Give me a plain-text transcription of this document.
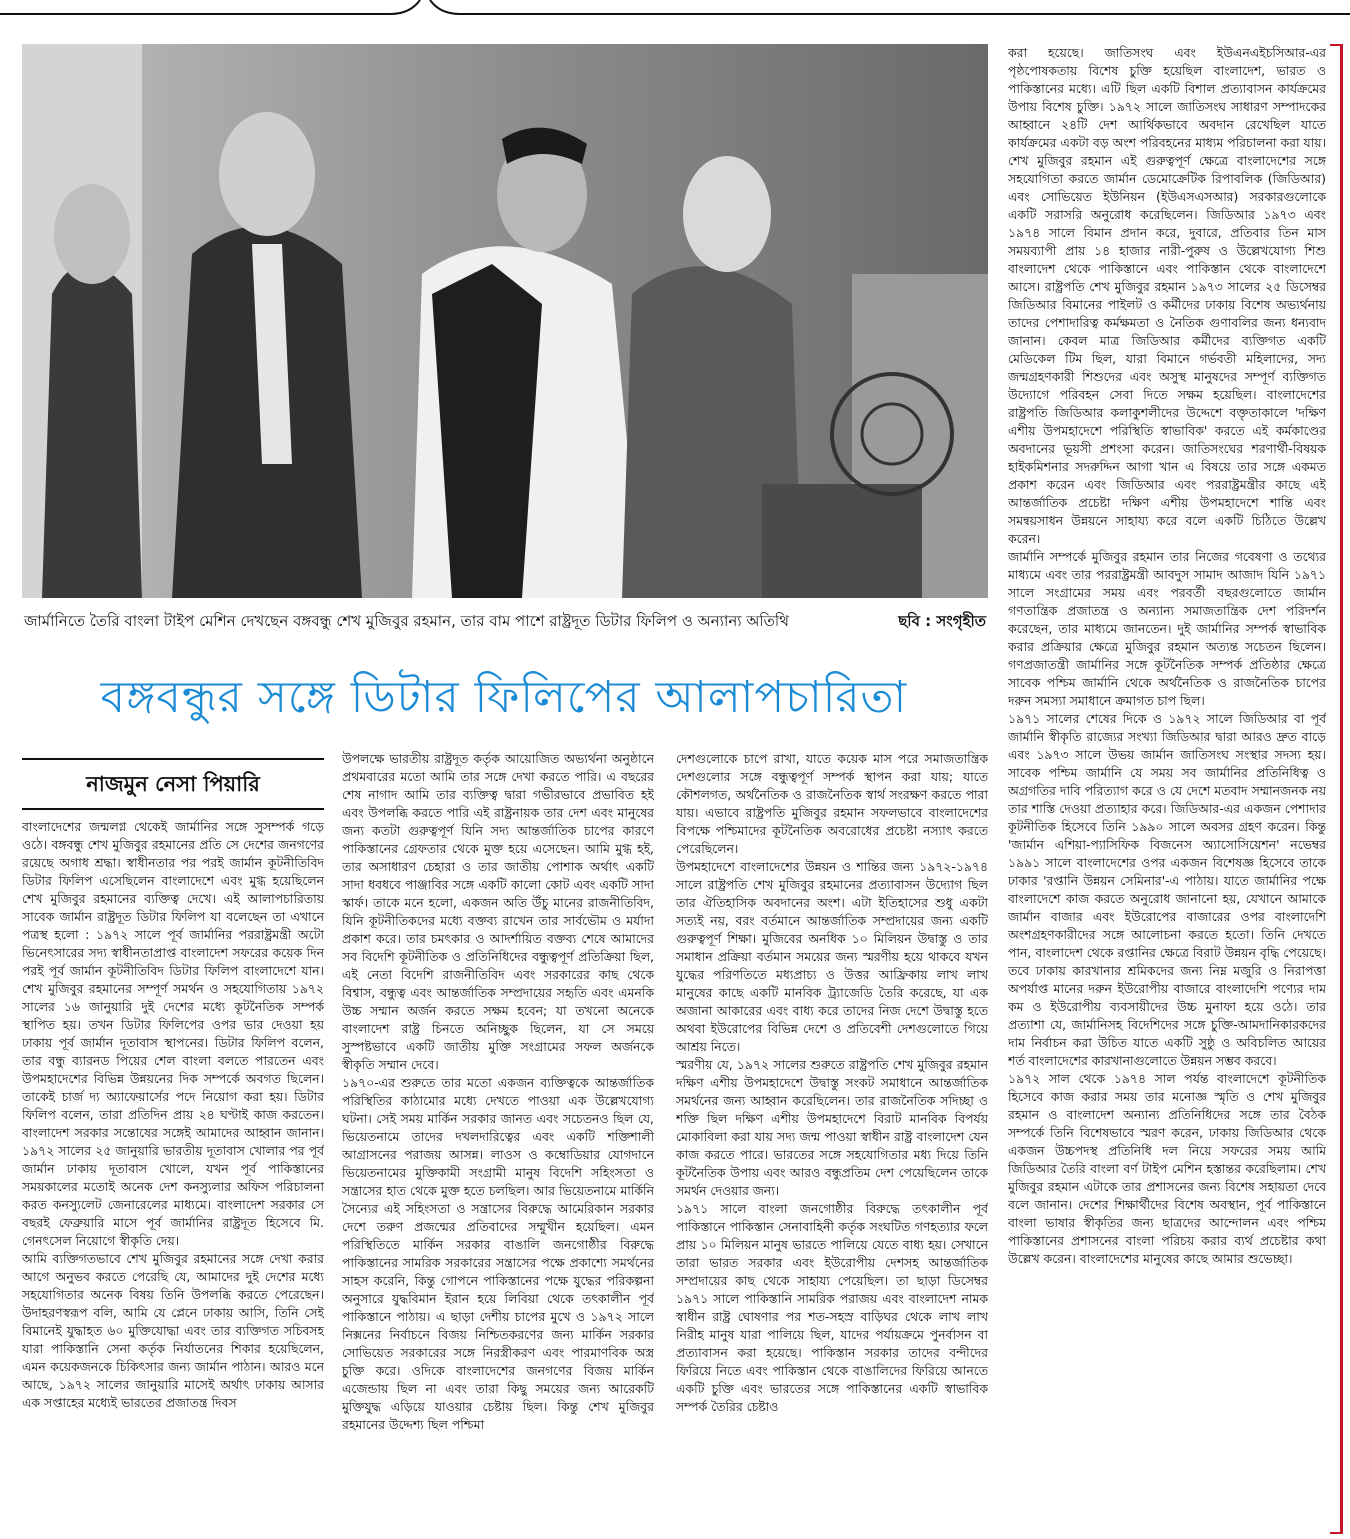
জার্মানিতে তৈরি বাংলা টাইপ মেশিন দেখছেন বঙ্গবন্ধু শেখ মুজিবুর রহমান, তার বাম পাশে রাষ্ট্রদূত ডিটার ফিলিপ ও অন্যান্য অতিথি	ছবি : সংগৃহীত
বঙ্গবন্ধুর সঙ্গে ডিটার ফিলিপের আলাপচারিতা
নাজমুন নেসা পিয়ারি

বাংলাদেশের জন্মলগ্ন থেকেই জার্মানির সঙ্গে সুসম্পর্ক গড়ে ওঠে। বঙ্গবন্ধু শেখ মুজিবুর রহমানের প্রতি সে দেশের জনগণের রয়েছে অগাধ শ্রদ্ধা। স্বাধীনতার পর পরই জার্মান কূটনীতিবিদ ডিটার ফিলিপ এসেছিলেন বাংলাদেশে এবং মুগ্ধ হয়েছিলেন শেখ মুজিবুর রহমানের ব্যক্তিত্ব দেখে। এই আলাপচারিতায় সাবেক জার্মান রাষ্ট্রদূত ডিটার ফিলিপ যা বলেছেন তা এখানে পত্রস্থ হলো : ১৯৭২ সালে পূর্ব জার্মানির পররাষ্ট্রমন্ত্রী অটো ভিনেৎসারের সদ্য স্বাধীনতাপ্রাপ্ত বাংলাদেশ সফরের কয়েক দিন পরই পূর্ব জার্মান কূটনীতিবিদ ডিটার ফিলিপ বাংলাদেশে যান। শেখ মুজিবুর রহমানের সম্পূর্ণ সমর্থন ও সহযোগিতায় ১৯৭২ সালের ১৬ জানুয়ারি দুই দেশের মধ্যে কূটনৈতিক সম্পর্ক স্থাপিত হয়। তখন ডিটার ফিলিপের ওপর ভার দেওয়া হয় ঢাকায় পূর্ব জার্মান দূতাবাস স্থাপনের। ডিটার ফিলিপ বলেন, তার বন্ধু ব্যারনড পিয়ের শেল বাংলা বলতে পারতেন এবং উপমহাদেশের বিভিন্ন উন্নয়নের দিক সম্পর্কে অবগত ছিলেন। তাকেই চার্জ দ্য অ্যাফেয়ার্সের পদে নিয়োগ করা হয়। ডিটার ফিলিপ বলেন, তারা প্রতিদিন প্রায় ২৪ ঘণ্টাই কাজ করতেন। বাংলাদেশ সরকার সন্তোষের সঙ্গেই আমাদের আহ্বান জানান। ১৯৭২ সালের ২৫ জানুয়ারি ভারতীয় দূতাবাস খোলার পর পূর্ব জার্মান ঢাকায় দূতাবাস খোলে, যখন পূর্ব পাকিস্তানের সময়কালের মতোই অনেক দেশ কনস্যুলার অফিস পরিচালনা করত কনস্যুলেট জেনারেলের মাধ্যমে। বাংলাদেশ সরকার সে বছরই ফেব্রুয়ারি মাসে পূর্ব জার্মানির রাষ্ট্রদূত হিসেবে মি. গেনৎসেল নিয়োগে স্বীকৃতি দেয়।

আমি ব্যক্তিগতভাবে শেখ মুজিবুর রহমানের সঙ্গে দেখা করার আগে অনুভব করতে পেরেছি যে, আমাদের দুই দেশের মধ্যে সহযোগিতার অনেক বিষয় তিনি উপলব্ধি করতে পেরেছেন। উদাহরণস্বরূপ বলি, আমি যে প্লেনে ঢাকায় আসি, তিনি সেই বিমানেই যুদ্ধাহত ৬০ মুক্তিযোদ্ধা এবং তার ব্যক্তিগত সচিবসহ যারা পাকিস্তানি সেনা কর্তৃক নির্যাতনের শিকার হয়েছিলেন, এমন কয়েকজনকে চিকিৎসার জন্য জার্মান পাঠান। আরও মনে আছে, ১৯৭২ সালের জানুয়ারি মাসেই অর্থাৎ ঢাকায় আসার এক সপ্তাহের মধ্যেই ভারতের প্রজাতন্ত্র দিবস

উপলক্ষে ভারতীয় রাষ্ট্রদূত কর্তৃক আয়োজিত অভ্যর্থনা অনুষ্ঠানে প্রথমবারের মতো আমি তার সঙ্গে দেখা করতে পারি। এ বছরের শেষ নাগাদ আমি তার ব্যক্তিত্ব দ্বারা গভীরভাবে প্রভাবিত হই এবং উপলব্ধি করতে পারি এই রাষ্ট্রনায়ক তার দেশ এবং মানুষের জন্য কতটা গুরুত্বপূর্ণ যিনি সদ্য আন্তর্জাতিক চাপের কারণে পাকিস্তানের গ্রেফতার থেকে মুক্ত হয়ে এসেছেন। আমি মুগ্ধ হই, তার অসাধারণ চেহারা ও তার জাতীয় পোশাক অর্থাৎ একটি সাদা ধবধবে পাঞ্জাবির সঙ্গে একটি কালো কোট এবং একটি সাদা স্কার্ফ। তাকে মনে হলো, একজন অতি উঁচু মানের রাজনীতিবিদ, যিনি কূটনীতিকদের মধ্যে বক্তব্য রাখেন তার সার্বভৌম ও মর্যাদা প্রকাশ করে। তার চমৎকার ও আদর্শায়িত বক্তব্য শেষে আমাদের সব বিদেশি কূটনীতিক ও প্রতিনিধিদের বন্ধুত্বপূর্ণ প্রতিক্রিয়া ছিল, এই নেতা বিদেশি রাজনীতিবিদ এবং সরকারের কাছ থেকে বিশ্বাস, বন্ধুত্ব এবং আন্তর্জাতিক সম্প্রদায়ের সহৃতি এবং এমনকি উচ্চ সম্মান অর্জন করতে সক্ষম হবেন; যা তখনো অনেকে বাংলাদেশ রাষ্ট্র চিনতে অনিচ্ছুক ছিলেন, যা সে সময়ে সুস্পষ্টভাবে একটি জাতীয় মুক্তি সংগ্রামের সফল অর্জনকে স্বীকৃতি সম্মান দেবে।

১৯৭০-এর শুরুতে তার মতো একজন ব্যক্তিত্বকে আন্তর্জাতিক পরিস্থিতির কাঠামোর মধ্যে দেখতে পাওয়া এক উল্লেখযোগ্য ঘটনা। সেই সময় মার্কিন সরকার জানত এবং সচেতনও ছিল যে, ভিয়েতনামে তাদের দখলদারিত্বের এবং একটি শক্তিশালী আগ্রাসনের পরাজয় আসন্ন। লাওস ও কম্বোডিয়ার যোগদানে ভিয়েতনামের মুক্তিকামী সংগ্রামী মানুষ বিদেশি সহিংসতা ও সন্ত্রাসের হাত থেকে মুক্ত হতে চলছিল। আর ভিয়েতনামে মার্কিনি সৈন্যের এই সহিংসতা ও সন্ত্রাসের বিরুদ্ধে আমেরিকান সরকার দেশে তরুণ প্রজন্মের প্রতিবাদের সম্মুখীন হয়েছিল। এমন পরিস্থিতিতে মার্কিন সরকার বাঙালি জনগোষ্ঠীর বিরুদ্ধে পাকিস্তানের সামরিক সরকারের সন্ত্রাসের পক্ষে প্রকাশ্যে সমর্থনের সাহস করেনি, কিন্তু গোপনে পাকিস্তানের পক্ষে যুদ্ধের পরিকল্পনা অনুসারে যুদ্ধবিমান ইরান হয়ে লিবিয়া থেকে তৎকালীন পূর্ব পাকিস্তানে পাঠায়। এ ছাড়া দেশীয় চাপের মুখে ও ১৯৭২ সালে নিক্সনের নির্বাচনে বিজয় নিশ্চিতকরণের জন্য মার্কিন সরকার সোভিয়েত সরকারের সঙ্গে নিরস্ত্রীকরণ এবং পারমাণবিক অস্ত্র চুক্তি করে। ওদিকে বাংলাদেশের জনগণের বিজয় মার্কিন এজেন্ডায় ছিল না এবং তারা কিছু সময়ের জন্য আরেকটি মুক্তিযুদ্ধ এড়িয়ে যাওয়ার চেষ্টায় ছিল। কিন্তু শেখ মুজিবুর রহমানের উদ্দেশ্য ছিল পশ্চিমা

দেশগুলোকে চাপে রাখা, যাতে কয়েক মাস পরে সমাজতান্ত্রিক দেশগুলোর সঙ্গে বন্ধুত্বপূর্ণ সম্পর্ক স্থাপন করা যায়; যাতে কৌশলগত, অর্থনৈতিক ও রাজনৈতিক স্বার্থ সংরক্ষণ করতে পারা যায়। এভাবে রাষ্ট্রপতি মুজিবুর রহমান সফলভাবে বাংলাদেশের বিপক্ষে পশ্চিমাদের কূটনৈতিক অবরোধের প্রচেষ্টা নস্যাৎ করতে পেরেছিলেন।

উপমহাদেশে বাংলাদেশের উন্নয়ন ও শান্তির জন্য ১৯৭২-১৯৭৪ সালে রাষ্ট্রপতি শেখ মুজিবুর রহমানের প্রত্যাবাসন উদ্যোগ ছিল তার ঐতিহাসিক অবদানের অংশ। এটা ইতিহাসের শুধু একটা সত্যই নয়, বরং বর্তমানে আন্তর্জাতিক সম্প্রদায়ের জন্য একটি গুরুত্বপূর্ণ শিক্ষা। মুজিবের অনধিক ১০ মিলিয়ন উদ্বাস্তু ও তার সমাধান প্রক্রিয়া বর্তমান সময়ের জন্য স্মরণীয় হয়ে থাকবে যখন যুদ্ধের পরিণতিতে মধ্যপ্রাচ্য ও উত্তর আফ্রিকায় লাখ লাখ মানুষের কাছে একটি মানবিক ট্র্যাজেডি তৈরি করেছে, যা এক অজানা আকারের এবং বাধ্য করে তাদের নিজ দেশে উদ্বাস্তু হতে অথবা ইউরোপের বিভিন্ন দেশে ও প্রতিবেশী দেশগুলোতে গিয়ে আশ্রয় নিতে।

স্মরণীয় যে, ১৯৭২ সালের শুরুতে রাষ্ট্রপতি শেখ মুজিবুর রহমান দক্ষিণ এশীয় উপমহাদেশে উদ্বাস্তু সংকট সমাধানে আন্তর্জাতিক সমর্থনের জন্য আহ্বান করেছিলেন। তার রাজনৈতিক সদিচ্ছা ও শক্তি ছিল দক্ষিণ এশীয় উপমহাদেশে বিরাট মানবিক বিপর্যয় মোকাবিলা করা যায় সদ্য জন্ম পাওয়া স্বাধীন রাষ্ট্র বাংলাদেশ যেন কাজ করতে পারে। ভারতের সঙ্গে সহযোগিতার মধ্য দিয়ে তিনি কূটনৈতিক উপায় এবং আরও বন্ধুপ্রতিম দেশ পেয়েছিলেন তাকে সমর্থন দেওয়ার জন্য।

১৯৭১ সালে বাংলা জনগোষ্ঠীর বিরুদ্ধে তৎকালীন পূর্ব পাকিস্তানে পাকিস্তান সেনাবাহিনী কর্তৃক সংঘটিত গণহত্যার ফলে প্রায় ১০ মিলিয়ন মানুষ ভারতে পালিয়ে যেতে বাধ্য হয়। সেখানে তারা ভারত সরকার এবং ইউরোপীয় দেশসহ আন্তর্জাতিক সম্প্রদায়ের কাছ থেকে সাহায্য পেয়েছিল। তা ছাড়া ডিসেম্বর ১৯৭১ সালে পাকিস্তানি সামরিক পরাজয় এবং বাংলাদেশ নামক স্বাধীন রাষ্ট্র ঘোষণার পর শত-সহস্র বাড়িঘর থেকে লাখ লাখ নিরীহ মানুষ যারা পালিয়ে ছিল, যাদের পর্যায়ক্রমে পুনর্বাসন বা প্রত্যাবাসন করা হয়েছে। পাকিস্তান সরকার তাদের বন্দীদের ফিরিয়ে নিতে এবং পাকিস্তান থেকে বাঙালিদের ফিরিয়ে আনতে একটি চুক্তি এবং ভারতের সঙ্গে পাকিস্তানের একটি স্বাভাবিক সম্পর্ক তৈরির চেষ্টাও

করা হয়েছে। জাতিসংঘ এবং ইউএনএইচসিআর-এর পৃষ্ঠপোষকতায় বিশেষ চুক্তি হয়েছিল বাংলাদেশ, ভারত ও পাকিস্তানের মধ্যে। এটি ছিল একটি বিশাল প্রত্যাবাসন কার্যক্রমের উপায় বিশেষ চুক্তি। ১৯৭২ সালে জাতিসংঘ সাধারণ সম্পাদকের আহ্বানে ২৪টি দেশ আর্থিকভাবে অবদান রেখেছিল যাতে কার্যক্রমের একটা বড় অংশ পরিবহনের মাধ্যম পরিচালনা করা যায়। শেখ মুজিবুর রহমান এই গুরুত্বপূর্ণ ক্ষেত্রে বাংলাদেশের সঙ্গে সহযোগিতা করতে জার্মান ডেমোক্রেটিক রিপাবলিক (জিডিআর) এবং সোভিয়েত ইউনিয়ন (ইউএসএসআর) সরকারগুলোকে একটি সরাসরি অনুরোধ করেছিলেন। জিডিআর ১৯৭৩ এবং ১৯৭৪ সালে বিমান প্রদান করে, দুবারে, প্রতিবার তিন মাস সময়ব্যাপী প্রায় ১৪ হাজার নারী-পুরুষ ও উল্লেখযোগ্য শিশু বাংলাদেশ থেকে পাকিস্তানে এবং পাকিস্তান থেকে বাংলাদেশে আসে। রাষ্ট্রপতি শেখ মুজিবুর রহমান ১৯৭৩ সালের ২৫ ডিসেম্বর জিডিআর বিমানের পাইলট ও কর্মীদের ঢাকায় বিশেষ অভ্যর্থনায় তাদের পেশাদারিত্ব কর্মক্ষমতা ও নৈতিক গুণাবলির জন্য ধন্যবাদ জানান। কেবল মাত্র জিডিআর কর্মীদের ব্যক্তিগত একটি মেডিকেল টিম ছিল, যারা বিমানে গর্ভবতী মহিলাদের, সদ্য জন্মগ্রহণকারী শিশুদের এবং অসুস্থ মানুষদের সম্পূর্ণ ব্যক্তিগত উদ্যোগে পরিবহন সেবা দিতে সক্ষম হয়েছিল। বাংলাদেশের রাষ্ট্রপতি জিডিআর কলাকুশলীদের উদ্দেশে বক্তৃতাকালে 'দক্ষিণ এশীয় উপমহাদেশে পরিস্থিতি স্বাভাবিক' করতে এই কর্মকাণ্ডের অবদানের ভূয়সী প্রশংসা করেন। জাতিসংঘের শরণার্থী-বিষয়ক হাইকমিশনার সদরুদ্দিন আগা খান এ বিষয়ে তার সঙ্গে একমত প্রকাশ করেন এবং জিডিআর এবং পররাষ্ট্রমন্ত্রীর কাছে এই আন্তর্জাতিক প্রচেষ্টা দক্ষিণ এশীয় উপমহাদেশে শান্তি এবং সমন্বয়সাধন উন্নয়নে সাহায্য করে বলে একটি চিঠিতে উল্লেখ করেন।

জার্মানি সম্পর্কে মুজিবুর রহমান তার নিজের গবেষণা ও তথ্যের মাধ্যমে এবং তার পররাষ্ট্রমন্ত্রী আবদুস সামাদ আজাদ যিনি ১৯৭১ সালে সংগ্রামের সময় এবং পরবর্তী বছরগুলোতে জার্মান গণতান্ত্রিক প্রজাতন্ত্র ও অন্যান্য সমাজতান্ত্রিক দেশ পরিদর্শন করেছেন, তার মাধ্যমে জানতেন। দুই জার্মানির সম্পর্ক স্বাভাবিক করার প্রক্রিয়ার ক্ষেত্রে মুজিবুর রহমান অত্যন্ত সচেতন ছিলেন। গণপ্রজাতন্ত্রী জার্মানির সঙ্গে কূটনৈতিক সম্পর্ক প্রতিষ্ঠার ক্ষেত্রে সাবেক পশ্চিম জার্মানি থেকে অর্থনৈতিক ও রাজনৈতিক চাপের দরুন সমস্যা সমাধানে ক্রমাগত চাপ ছিল।

১৯৭১ সালের শেষের দিকে ও ১৯৭২ সালে জিডিআর বা পূর্ব জার্মানি স্বীকৃতি রাজ্যের সংখ্যা জিডিআর দ্বারা আরও দ্রুত বাড়ে এবং ১৯৭৩ সালে উভয় জার্মান জাতিসংঘ সংস্থার সদস্য হয়। সাবেক পশ্চিম জার্মানি যে সময় সব জার্মানির প্রতিনিধিত্ব ও অগ্রগতির দাবি পরিত্যাগ করে ও যে দেশে মতবাদ সম্মানজনক নয় তার শাস্তি দেওয়া প্রত্যাহার করে। জিডিআর-এর একজন পেশাদার কূটনীতিক হিসেবে তিনি ১৯৯০ সালে অবসর গ্রহণ করেন। কিন্তু 'জার্মান এশিয়া-প্যাসিফিক বিজনেস অ্যাসোসিয়েশন' নভেম্বর ১৯৯১ সালে বাংলাদেশের ওপর একজন বিশেষজ্ঞ হিসেবে তাকে ঢাকার 'রপ্তানি উন্নয়ন সেমিনার'-এ পাঠায়। যাতে জার্মানির পক্ষে বাংলাদেশে কাজ করতে অনুরোধ জানানো হয়, যেখানে আমাকে জার্মান বাজার এবং ইউরোপের বাজারের ওপর বাংলাদেশি অংশগ্রহণকারীদের সঙ্গে আলোচনা করতে হতো। তিনি দেখতে পান, বাংলাদেশ থেকে রপ্তানির ক্ষেত্রে বিরাট উন্নয়ন বৃদ্ধি পেয়েছে। তবে ঢাকায় কারখানার শ্রমিকদের জন্য নিম্ন মজুরি ও নিরাপত্তা অপর্যাপ্ত মানের দরুন ইউরোপীয় বাজারে বাংলাদেশি পণ্যের দাম কম ও ইউরোপীয় ব্যবসায়ীদের উচ্চ মুনাফা হয়ে ওঠে। তার প্রত্যাশা যে, জার্মানিসহ বিদেশিদের সঙ্গে চুক্তি-আমদানিকারকদের দাম নির্বাচন করা উচিত যাতে একটি সুষ্ঠু ও অবিচলিত আয়ের শর্ত বাংলাদেশের কারখানাগুলোতে উন্নয়ন সম্ভব করবে।

১৯৭২ সাল থেকে ১৯৭৪ সাল পর্যন্ত বাংলাদেশে কূটনীতিক হিসেবে কাজ করার সময় তার মনোজ্ঞ স্মৃতি ও শেখ মুজিবুর রহমান ও বাংলাদেশ অন্যান্য প্রতিনিধিদের সঙ্গে তার বৈঠক সম্পর্কে তিনি বিশেষভাবে স্মরণ করেন, ঢাকায় জিডিআর থেকে একজন উচ্চপদস্থ প্রতিনিধি দল নিয়ে সফরের সময় আমি জিডিআর তৈরি বাংলা বর্ণ টাইপ মেশিন হস্তান্তর করেছিলাম। শেখ মুজিবুর রহমান এটাকে তার প্রশাসনের জন্য বিশেষ সহায়তা দেবে বলে জানান। দেশের শিক্ষার্থীদের বিশেষ অবস্থান, পূর্ব পাকিস্তানে বাংলা ভাষার স্বীকৃতির জন্য ছাত্রদের আন্দোলন এবং পশ্চিম পাকিস্তানের প্রশাসনের বাংলা পরিচয় করার ব্যর্থ প্রচেষ্টার কথা উল্লেখ করেন। বাংলাদেশের মানুষের কাছে আমার শুভেচ্ছা।
